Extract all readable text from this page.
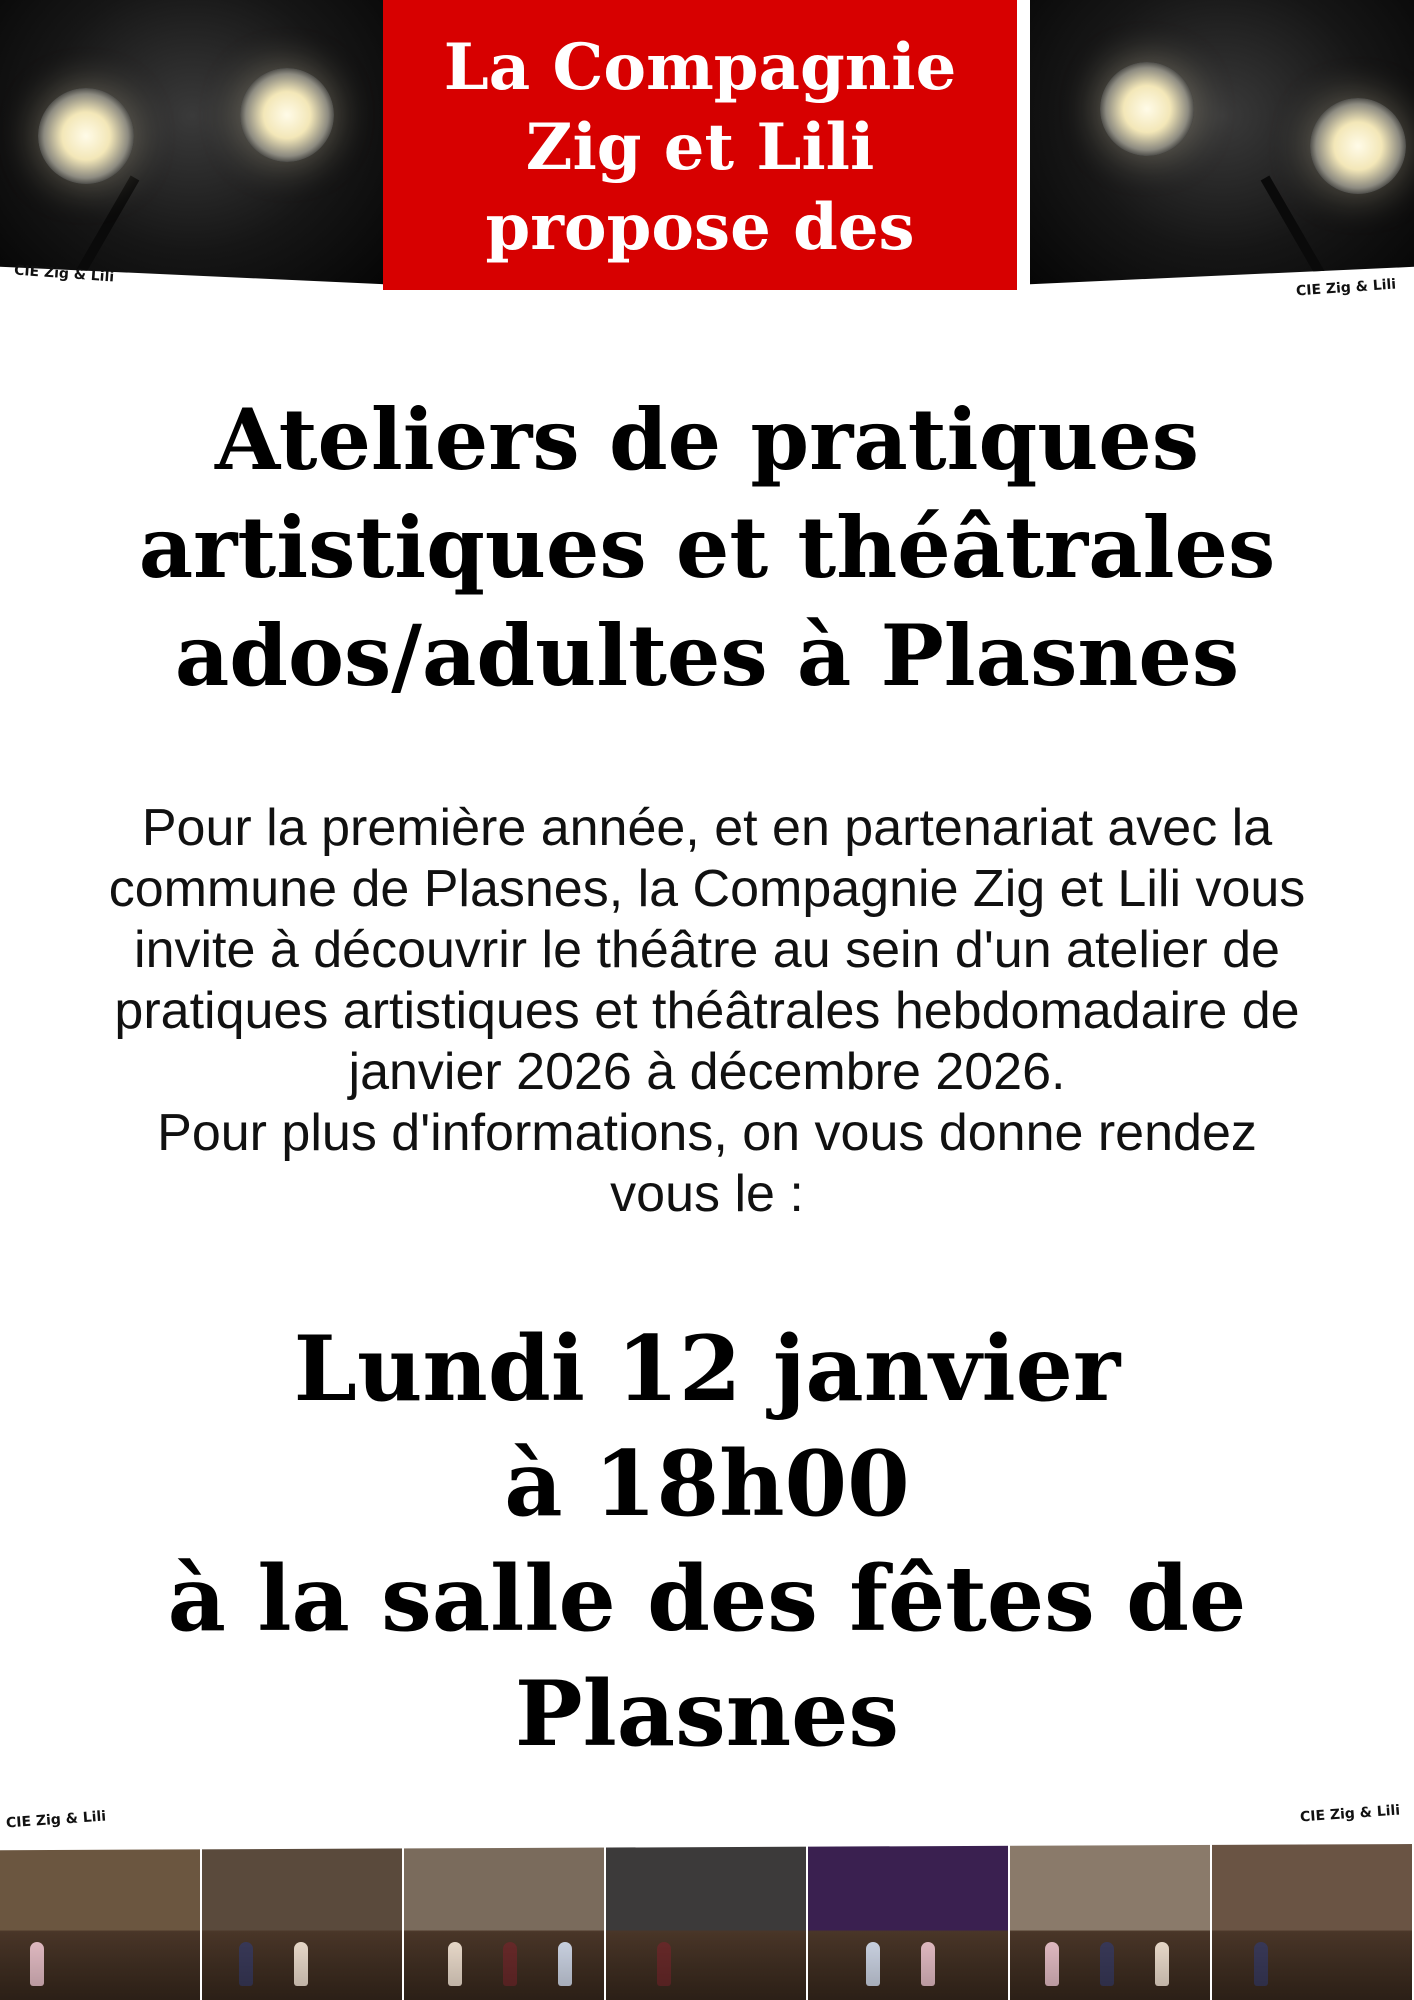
La Compagnie
Zig et Lili
propose des
CIE Zig & Lili
CIE Zig & Lili
Ateliers de pratiques
artistiques et théâtrales
ados/adultes à Plasnes
Pour la première année, et en partenariat avec la
commune de Plasnes, la Compagnie Zig et Lili vous
invite à découvrir le théâtre au sein d'un atelier de
pratiques artistiques et théâtrales hebdomadaire de
janvier 2026 à décembre 2026.
Pour plus d'informations, on vous donne rendez
vous le :
Lundi 12 janvier
à 18h00
à la salle des fêtes de
Plasnes
CIE Zig & Lili	CIE Zig & Lili
